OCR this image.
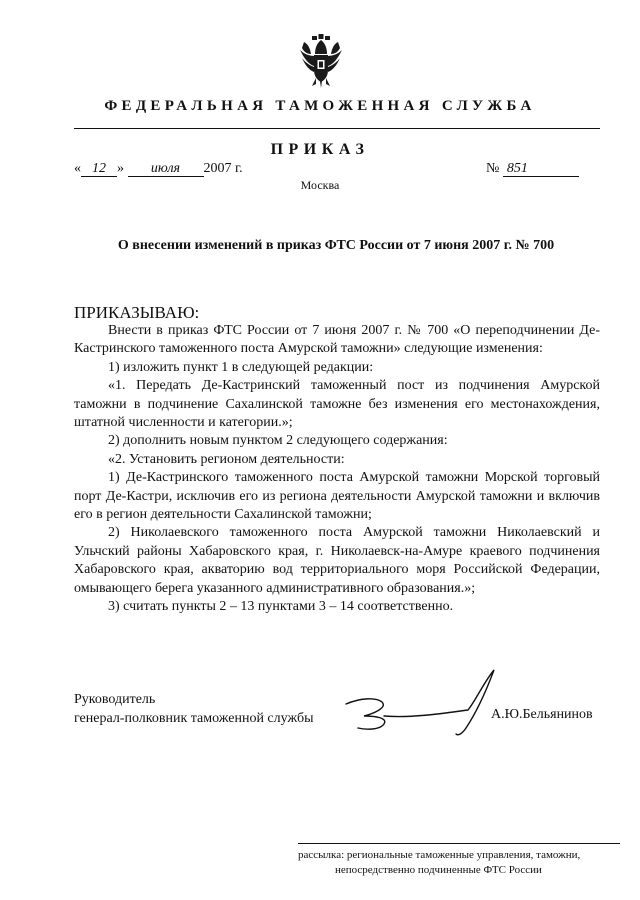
ФЕДЕРАЛЬНАЯ ТАМОЖЕННАЯ СЛУЖБА
ПРИКАЗ
« 12 » июля 2007 г.	№ 851
Москва
О внесении изменений в приказ ФТС России от 7 июня 2007 г. № 700
ПРИКАЗЫВАЮ:

Внести в приказ ФТС России от 7 июня 2007 г. № 700 «О переподчинении Де-Кастринского таможенного поста Амурской таможни» следующие изменения:

1) изложить пункт 1 в следующей редакции:

«1. Передать Де-Кастринский таможенный пост из подчинения Амурской таможни в подчинение Сахалинской таможне без изменения его местонахождения, штатной численности и категории.»;

2) дополнить новым пунктом 2 следующего содержания:

«2. Установить регионом деятельности:

1) Де-Кастринского таможенного поста Амурской таможни Морской торговый порт Де-Кастри, исключив его из региона деятельности Амурской таможни и включив его в регион деятельности Сахалинской таможни;

2) Николаевского таможенного поста Амурской таможни Николаевский и Ульчский районы Хабаровского края, г. Николаевск-на-Амуре краевого подчинения Хабаровского края, акваторию вод территориального моря Российской Федерации, омывающего берега указанного административного образования.»;

3) считать пункты 2 – 13 пунктами 3 – 14 соответственно.

Руководитель
генерал-полковник таможенной службы	А.Ю.Бельянинов
рассылка: региональные таможенные управления, таможни,
непосредственно подчиненные ФТС России
